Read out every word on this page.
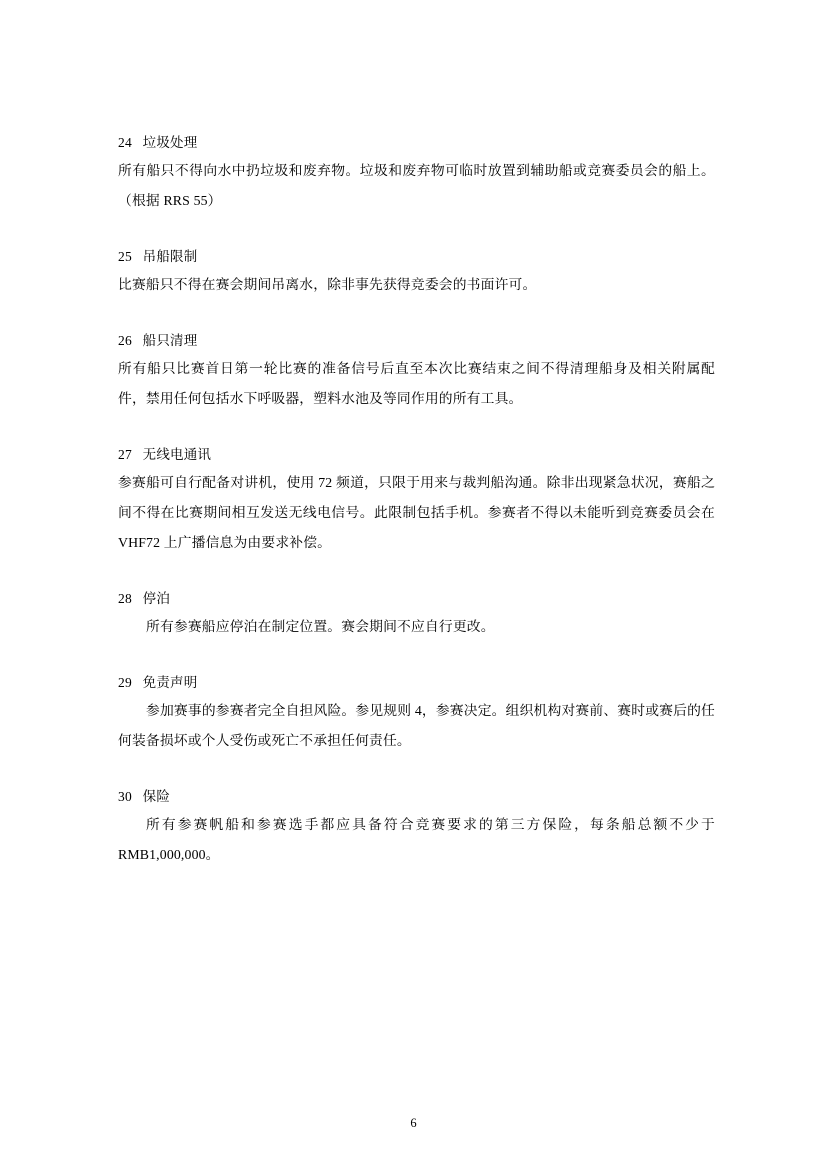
24   垃圾处理

所有船只不得向水中扔垃圾和废弃物。垃圾和废弃物可临时放置到辅助船或竞赛委员会的船上。（根据 RRS 55）

25   吊船限制

比赛船只不得在赛会期间吊离水，除非事先获得竞委会的书面许可。

26   船只清理

所有船只比赛首日第一轮比赛的准备信号后直至本次比赛结束之间不得清理船身及相关附属配件，禁用任何包括水下呼吸器，塑料水池及等同作用的所有工具。

27   无线电通讯

参赛船可自行配备对讲机，使用 72 频道，只限于用来与裁判船沟通。除非出现紧急状况，赛船之间不得在比赛期间相互发送无线电信号。此限制包括手机。参赛者不得以未能听到竞赛委员会在 VHF72 上广播信息为由要求补偿。

28   停泊

所有参赛船应停泊在制定位置。赛会期间不应自行更改。

29   免责声明

参加赛事的参赛者完全自担风险。参见规则 4，参赛决定。组织机构对赛前、赛时或赛后的任何装备损坏或个人受伤或死亡不承担任何责任。

30   保险

所有参赛帆船和参赛选手都应具备符合竞赛要求的第三方保险，每条船总额不少于RMB1,000,000。

6
